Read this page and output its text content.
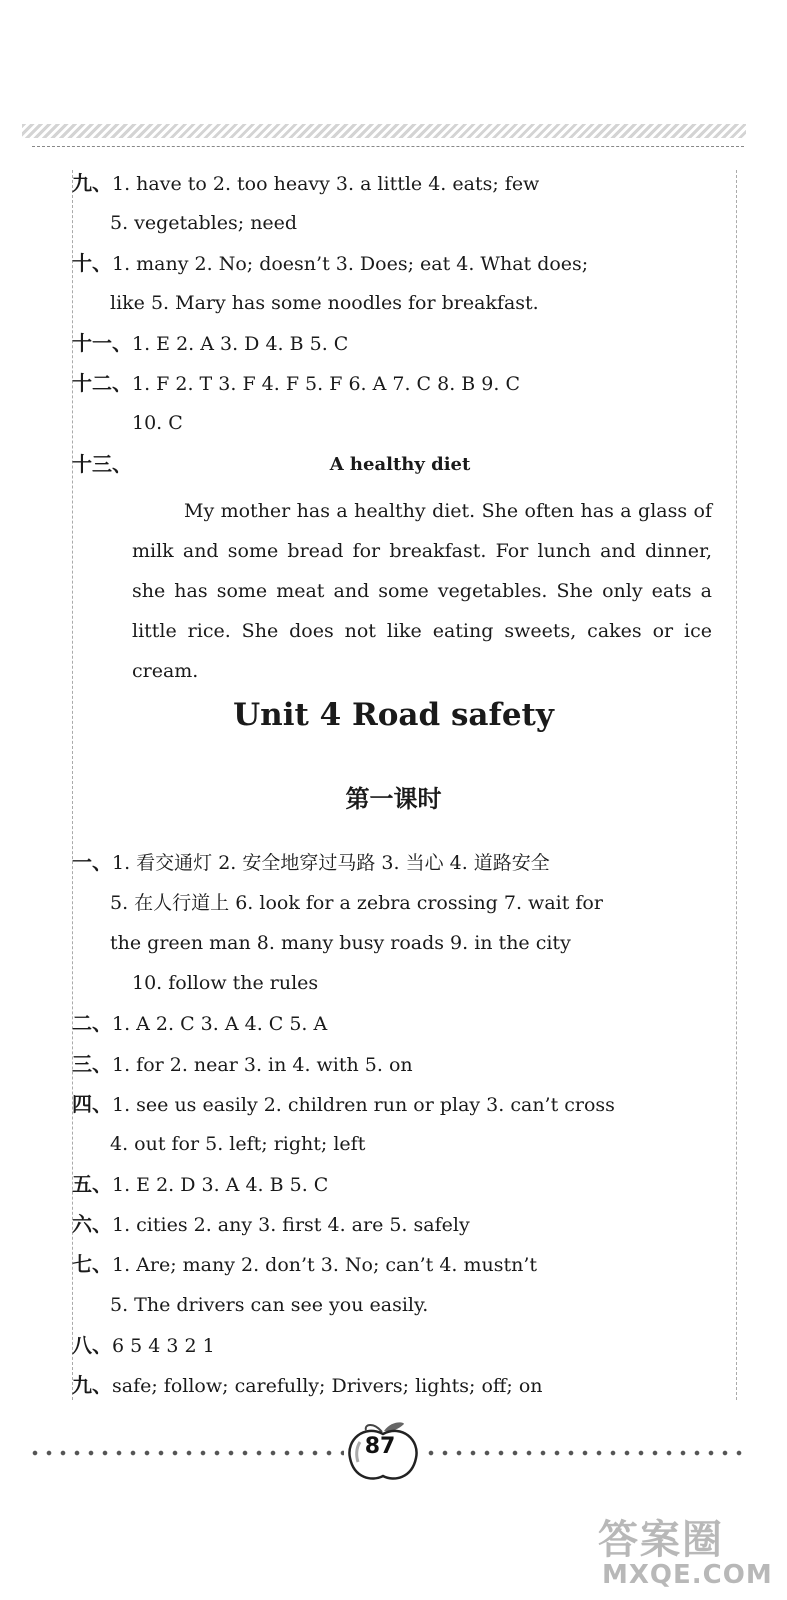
九、1. have to 2. too heavy 3. a little 4. eats; few
5. vegetables; need
十、1. many 2. No; doesn’t 3. Does; eat 4. What does;
like 5. Mary has some noodles for breakfast.
十一、1. E 2. A 3. D 4. B 5. C
十二、1. F 2. T 3. F 4. F 5. F 6. A 7. C 8. B 9. C
10. C
十三、	A healthy diet
My mother has a healthy diet. She often has a glass of milk and some bread for breakfast. For lunch and dinner, she has some meat and some vegetables. She only eats a little rice. She does not like eating sweets, cakes or ice cream.
Unit 4 Road safety
第一课时
一、1. 看交通灯 2. 安全地穿过马路 3. 当心 4. 道路安全
5. 在人行道上 6. look for a zebra crossing 7. wait for
the green man 8. many busy roads 9. in the city
10. follow the rules
二、1. A 2. C 3. A 4. C 5. A
三、1. for 2. near 3. in 4. with 5. on
四、1. see us easily 2. children run or play 3. can’t cross
4. out for 5. left; right; left
五、1. E 2. D 3. A 4. B 5. C
六、1. cities 2. any 3. first 4. are 5. safely
七、1. Are; many 2. don’t 3. No; can’t 4. mustn’t
5. The drivers can see you easily.
八、6 5 4 3 2 1
九、safe; follow; carefully; Drivers; lights; off; on
87
答案圈
MXQE.COM
